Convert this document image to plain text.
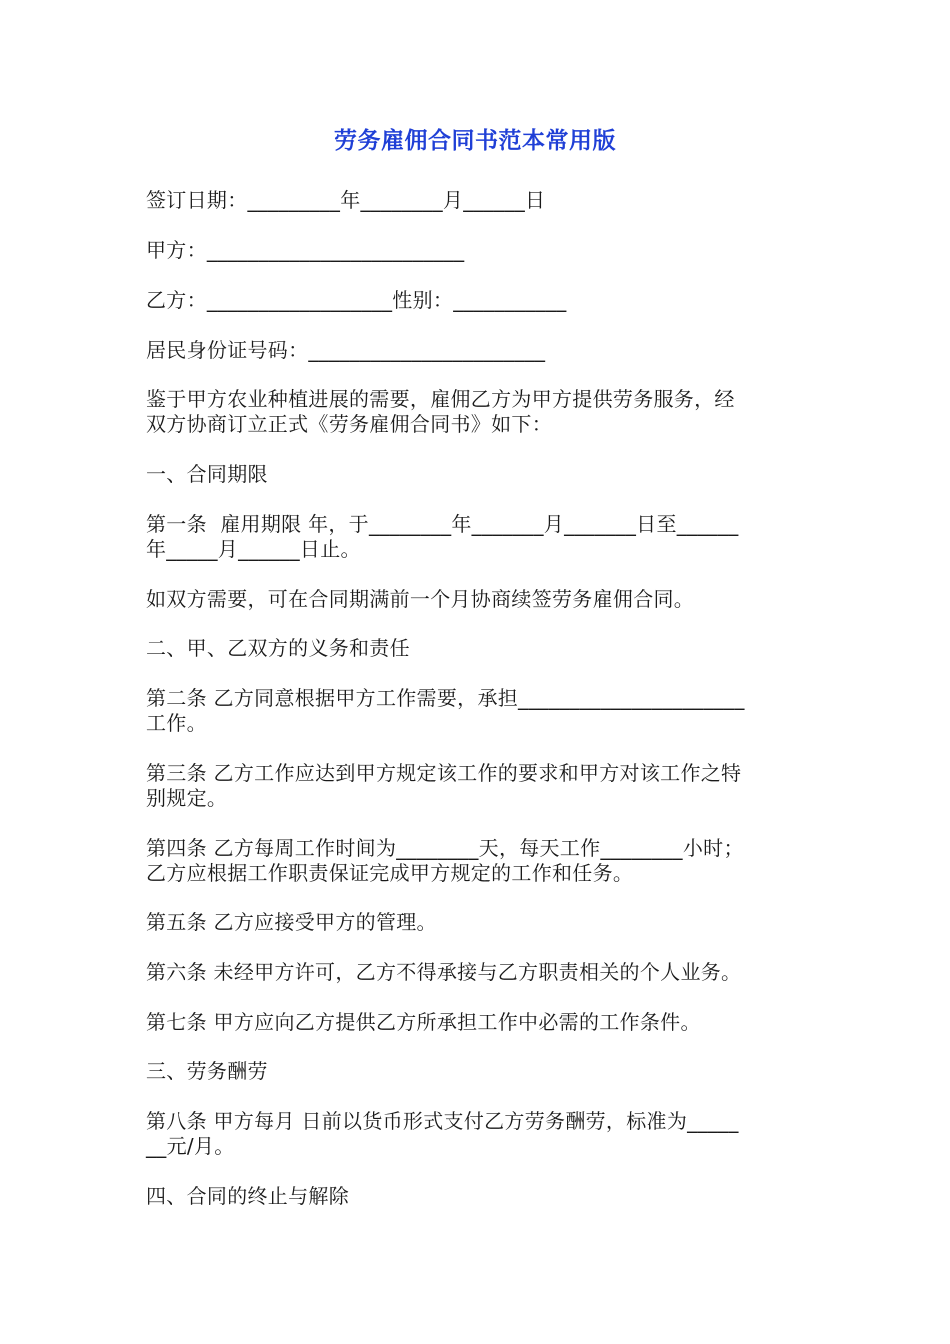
劳务雇佣合同书范本常用版
签订日期：_________年________月______日
甲方：_________________________
乙方：__________________性别：___________
居民身份证号码：_______________________
鉴于甲方农业种植进展的需要，雇佣乙方为甲方提供劳务服务，经
双方协商订立正式《劳务雇佣合同书》如下：
一、合同期限
第一条  雇用期限 年，于________年_______月_______日至______
年_____月______日止。
如双方需要，可在合同期满前一个月协商续签劳务雇佣合同。
二、甲、乙双方的义务和责任
第二条 乙方同意根据甲方工作需要，承担______________________
工作。
第三条 乙方工作应达到甲方规定该工作的要求和甲方对该工作之特
别规定。
第四条 乙方每周工作时间为________天，每天工作________小时；
乙方应根据工作职责保证完成甲方规定的工作和任务。
第五条 乙方应接受甲方的管理。
第六条 未经甲方许可，乙方不得承接与乙方职责相关的个人业务。
第七条 甲方应向乙方提供乙方所承担工作中必需的工作条件。
三、劳务酬劳
第八条 甲方每月 日前以货币形式支付乙方劳务酬劳，标准为_____
__元/月。
四、合同的终止与解除
